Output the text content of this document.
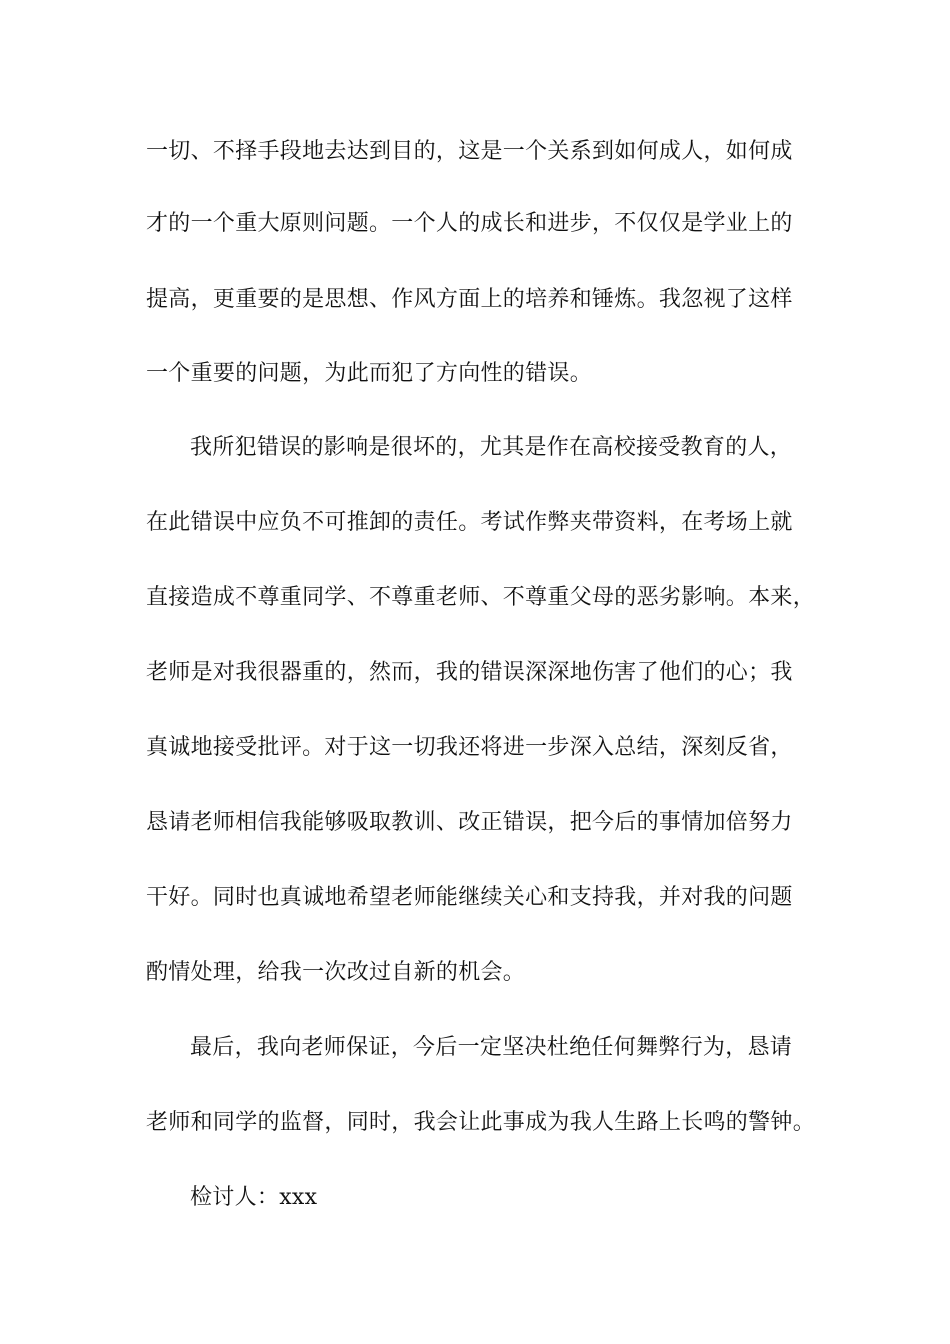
一切、不择手段地去达到目的，这是一个关系到如何成人，如何成
才的一个重大原则问题。一个人的成长和进步，不仅仅是学业上的
提高，更重要的是思想、作风方面上的培养和锤炼。我忽视了这样
一个重要的问题，为此而犯了方向性的错误。
我所犯错误的影响是很坏的，尤其是作在高校接受教育的人，
在此错误中应负不可推卸的责任。考试作弊夹带资料，在考场上就
直接造成不尊重同学、不尊重老师、不尊重父母的恶劣影响。本来，
老师是对我很器重的，然而，我的错误深深地伤害了他们的心；我
真诚地接受批评。对于这一切我还将进一步深入总结，深刻反省，
恳请老师相信我能够吸取教训、改正错误，把今后的事情加倍努力
干好。同时也真诚地希望老师能继续关心和支持我，并对我的问题
酌情处理，给我一次改过自新的机会。
最后，我向老师保证，今后一定坚决杜绝任何舞弊行为，恳请
老师和同学的监督，同时，我会让此事成为我人生路上长鸣的警钟。
检讨人：xxx
